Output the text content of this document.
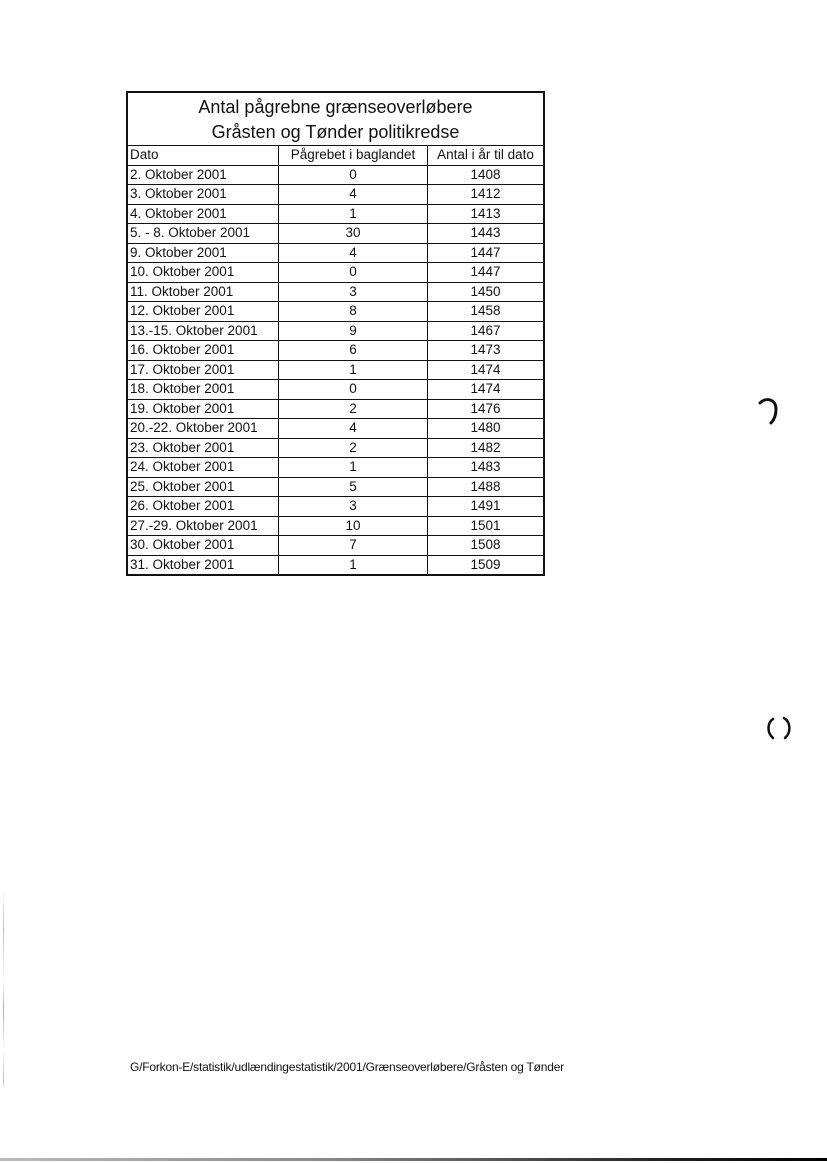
Antal pågrebne grænseoverløbere
Gråsten og Tønder politikredse
Dato	Pågrebet i baglandet	Antal i år til dato
2. Oktober 2001	0	1408
3. Oktober 2001	4	1412
4. Oktober 2001	1	1413
5. - 8. Oktober 2001	30	1443
9. Oktober 2001	4	1447
10. Oktober 2001	0	1447
11. Oktober 2001	3	1450
12. Oktober 2001	8	1458
13.-15. Oktober 2001	9	1467
16. Oktober 2001	6	1473
17. Oktober 2001	1	1474
18. Oktober 2001	0	1474
19. Oktober 2001	2	1476
20.-22. Oktober 2001	4	1480
23. Oktober 2001	2	1482
24. Oktober 2001	1	1483
25. Oktober 2001	5	1488
26. Oktober 2001	3	1491
27.-29. Oktober 2001	10	1501
30. Oktober 2001	7	1508
31. Oktober 2001	1	1509
G/Forkon-E/statistik/udlændingestatistik/2001/Grænseoverløbere/Gråsten og Tønder
